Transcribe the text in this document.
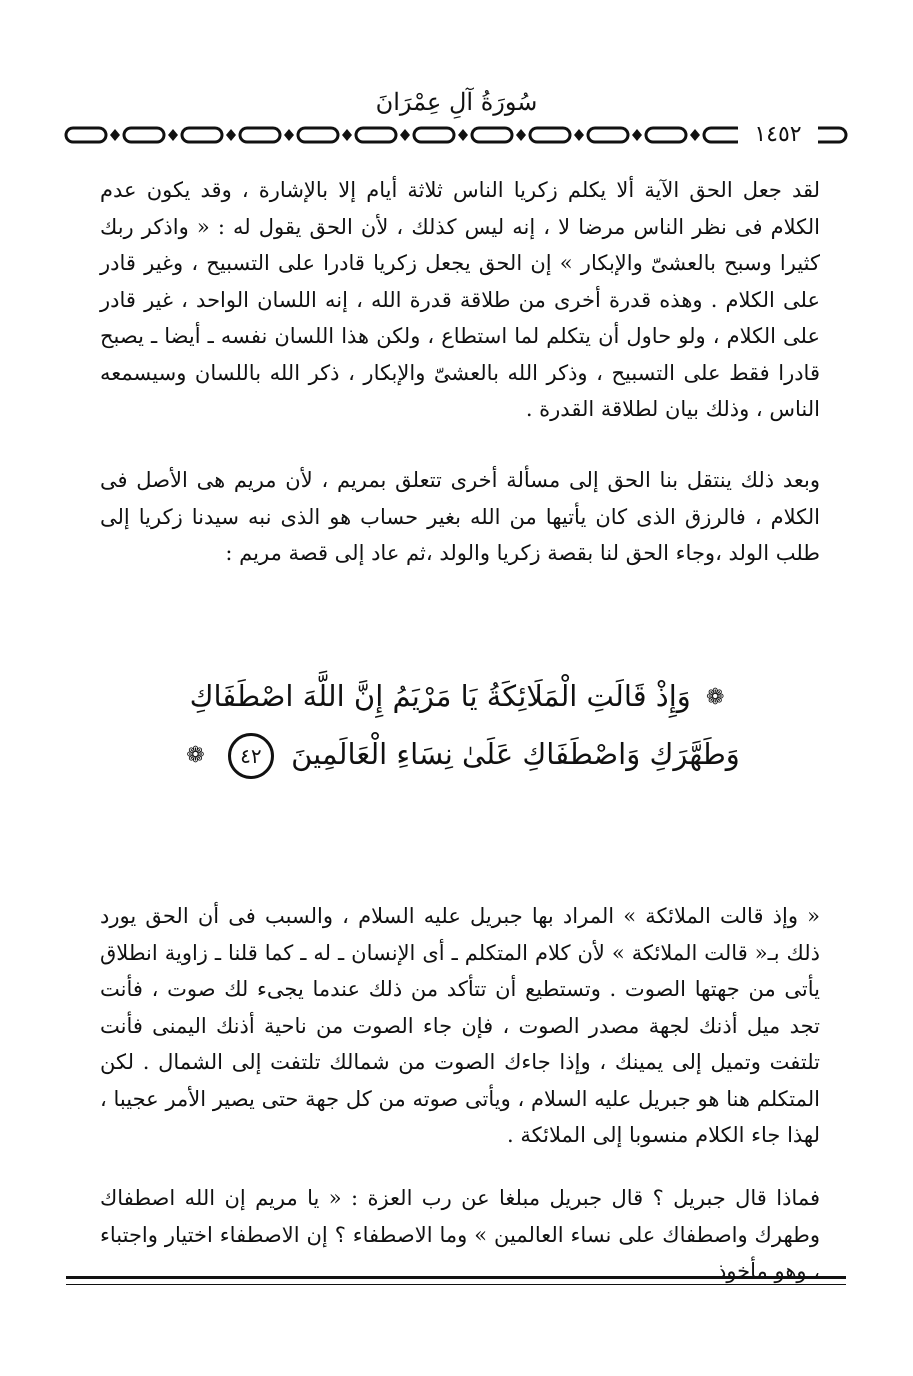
سُورَةُ آلِ عِمْرَانَ
١٤٥٢
لقد جعل الحق الآية ألا يكلم زكريا الناس ثلاثة أيام إلا بالإشارة ، وقد يكون عدم الكلام فى نظر الناس مرضا لا ، إنه ليس كذلك ، لأن الحق يقول له : « واذكر ربك كثيرا وسبح بالعشىّ والإبكار » إن الحق يجعل زكريا قادرا على التسبيح ، وغير قادر على الكلام . وهذه قدرة أخرى من طلاقة قدرة الله ، إنه اللسان الواحد ، غير قادر على الكلام ، ولو حاول أن يتكلم لما استطاع ، ولكن هذا اللسان نفسه ـ أيضا ـ يصبح قادرا فقط على التسبيح ، وذكر الله بالعشىّ والإبكار ، ذكر الله باللسان وسيسمعه الناس ، وذلك بيان لطلاقة القدرة .
وبعد ذلك ينتقل بنا الحق إلى مسألة أخرى تتعلق بمريم ، لأن مريم هى الأصل فى الكلام ، فالرزق الذى كان يأتيها من الله بغير حساب هو الذى نبه سيدنا زكريا إلى طلب الولد ،وجاء الحق لنا بقصة زكريا والولد ،ثم عاد إلى قصة مريم :
❁ وَإِذْ قَالَتِ الْمَلَائِكَةُ يَا مَرْيَمُ إِنَّ اللَّهَ اصْطَفَاكِ
وَطَهَّرَكِ وَاصْطَفَاكِ عَلَىٰ نِسَاءِ الْعَالَمِينَ ٤٢ ❁
« وإذ قالت الملائكة » المراد بها جبريل عليه السلام ، والسبب فى أن الحق يورد ذلك بـ« قالت الملائكة » لأن كلام المتكلم ـ أى الإنسان ـ له ـ كما قلنا ـ زاوية انطلاق يأتى من جهتها الصوت . وتستطيع أن تتأكد من ذلك عندما يجىء لك صوت ، فأنت تجد ميل أذنك لجهة مصدر الصوت ، فإن جاء الصوت من ناحية أذنك اليمنى فأنت تلتفت وتميل إلى يمينك ، وإذا جاءك الصوت من شمالك تلتفت إلى الشمال . لكن المتكلم هنا هو جبريل عليه السلام ، ويأتى صوته من كل جهة حتى يصير الأمر عجيبا ، لهذا جاء الكلام منسوبا إلى الملائكة .
فماذا قال جبريل ؟ قال جبريل مبلغا عن رب العزة : « يا مريم إن الله اصطفاك وطهرك واصطفاك على نساء العالمين » وما الاصطفاء ؟ إن الاصطفاء اختيار واجتباء ، وهو مأخوذ
